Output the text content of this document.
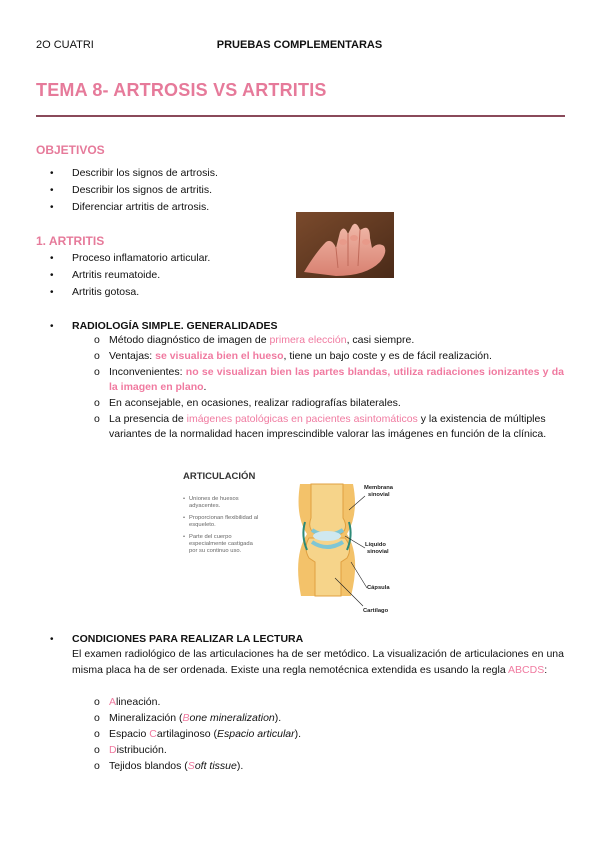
2O CUATRI	PRUEBAS COMPLEMENTARAS
TEMA 8- ARTROSIS VS ARTRITIS
OBJETIVOS
•	Describir los signos de artrosis.
•	Describir los signos de artritis.
•	Diferenciar artritis de artrosis.
1. ARTRITIS
•	Proceso inflamatorio articular.
•	Artritis reumatoide.
•	Artritis gotosa.
•	RADIOLOGÍA SIMPLE. GENERALIDADES
o Método diagnóstico de imagen de primera elección, casi siempre.
o Ventajas: se visualiza bien el hueso, tiene un bajo coste y es de fácil realización.
o Inconvenientes: no se visualizan bien las partes blandas, utiliza radiaciones ionizantes y da la imagen en plano.
o En aconsejable, en ocasiones, realizar radiografías bilaterales.
o La presencia de imágenes patológicas en pacientes asintomáticos y la existencia de múltiples variantes de la normalidad hacen imprescindible valorar las imágenes en función de la clínica.
ARTICULACIÓN
• Uniones de huesos
adyacentes.
• Proporcionan flexibilidad al
esqueleto.
• Parte del cuerpo
especialmente castigada
por su continuo uso.
Membrana
sinovial
Líquido
sinovial
Cápsula
Cartílago
•	CONDICIONES PARA REALIZAR LA LECTURA
El examen radiológico de las articulaciones ha de ser metódico. La visualización de articulaciones en una misma placa ha de ser ordenada. Existe una regla nemotécnica extendida es usando la regla ABCDS:
o Alineación.
o Mineralización (Bone mineralization).
o Espacio Cartilaginoso (Espacio articular).
o Distribución.
o Tejidos blandos (Soft tissue).
